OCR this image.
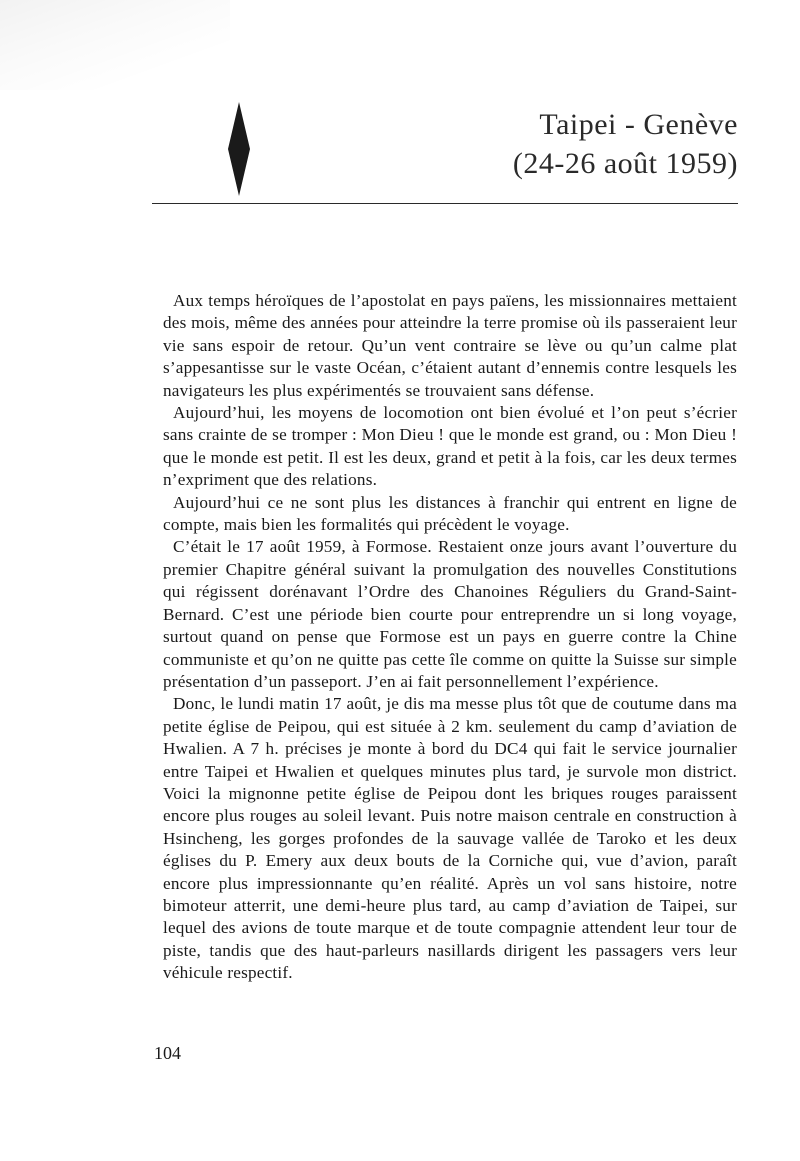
Taipei - Genève
(24-26 août 1959)

Aux temps héroïques de l’apostolat en pays païens, les missionnaires mettaient des mois, même des années pour atteindre la terre promise où ils passeraient leur vie sans espoir de retour. Qu’un vent contraire se lève ou qu’un calme plat s’appesantisse sur le vaste Océan, c’étaient autant d’ennemis contre lesquels les navigateurs les plus expérimentés se trouvaient sans défense.

Aujourd’hui, les moyens de locomotion ont bien évolué et l’on peut s’écrier sans crainte de se tromper : Mon Dieu ! que le monde est grand, ou : Mon Dieu ! que le monde est petit. Il est les deux, grand et petit à la fois, car les deux termes n’expriment que des relations.

Aujourd’hui ce ne sont plus les distances à franchir qui entrent en ligne de compte, mais bien les formalités qui précèdent le voyage.

C’était le 17 août 1959, à Formose. Restaient onze jours avant l’ouverture du premier Chapitre général suivant la promulgation des nouvelles Constitutions qui régissent dorénavant l’Ordre des Chanoines Réguliers du Grand-Saint-Bernard. C’est une période bien courte pour entreprendre un si long voyage, surtout quand on pense que Formose est un pays en guerre contre la Chine communiste et qu’on ne quitte pas cette île comme on quitte la Suisse sur simple présentation d’un passeport. J’en ai fait personnellement l’expérience.

Donc, le lundi matin 17 août, je dis ma messe plus tôt que de coutume dans ma petite église de Peipou, qui est située à 2 km. seulement du camp d’aviation de Hwalien. A 7 h. précises je monte à bord du DC4 qui fait le service journalier entre Taipei et Hwalien et quelques minutes plus tard, je survole mon district. Voici la mignonne petite église de Peipou dont les briques rouges paraissent encore plus rouges au soleil levant. Puis notre maison centrale en construction à Hsincheng, les gorges profondes de la sauvage vallée de Taroko et les deux églises du P. Emery aux deux bouts de la Corniche qui, vue d’avion, paraît encore plus impressionnante qu’en réalité. Après un vol sans histoire, notre bimoteur atterrit, une demi-heure plus tard, au camp d’aviation de Taipei, sur lequel des avions de toute marque et de toute compagnie attendent leur tour de piste, tandis que des haut-parleurs nasillards dirigent les passagers vers leur véhicule respectif.

104
